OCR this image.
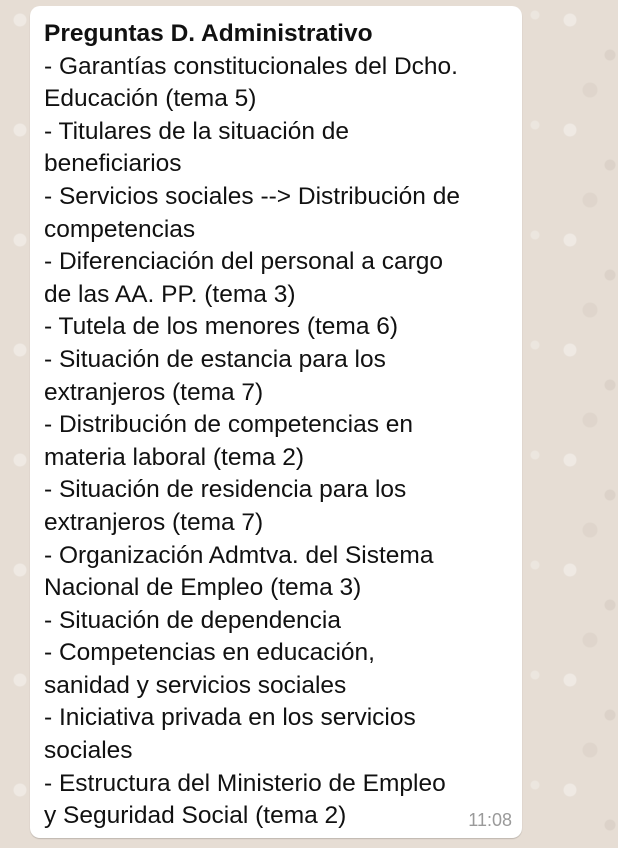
Preguntas D. Administrativo
- Garantías constitucionales del Dcho.
Educación (tema 5)
- Titulares de la situación de
beneficiarios
- Servicios sociales --> Distribución de
competencias
- Diferenciación del personal a cargo
de las AA. PP. (tema 3)
- Tutela de los menores (tema 6)
- Situación de estancia para los
extranjeros (tema 7)
- Distribución de competencias en
materia laboral (tema 2)
- Situación de residencia para los
extranjeros (tema 7)
- Organización Admtva. del Sistema
Nacional de Empleo (tema 3)
- Situación de dependencia
- Competencias en educación,
sanidad y servicios sociales
- Iniciativa privada en los servicios
sociales
- Estructura del Ministerio de Empleo
y Seguridad Social (tema 2)	11:08
